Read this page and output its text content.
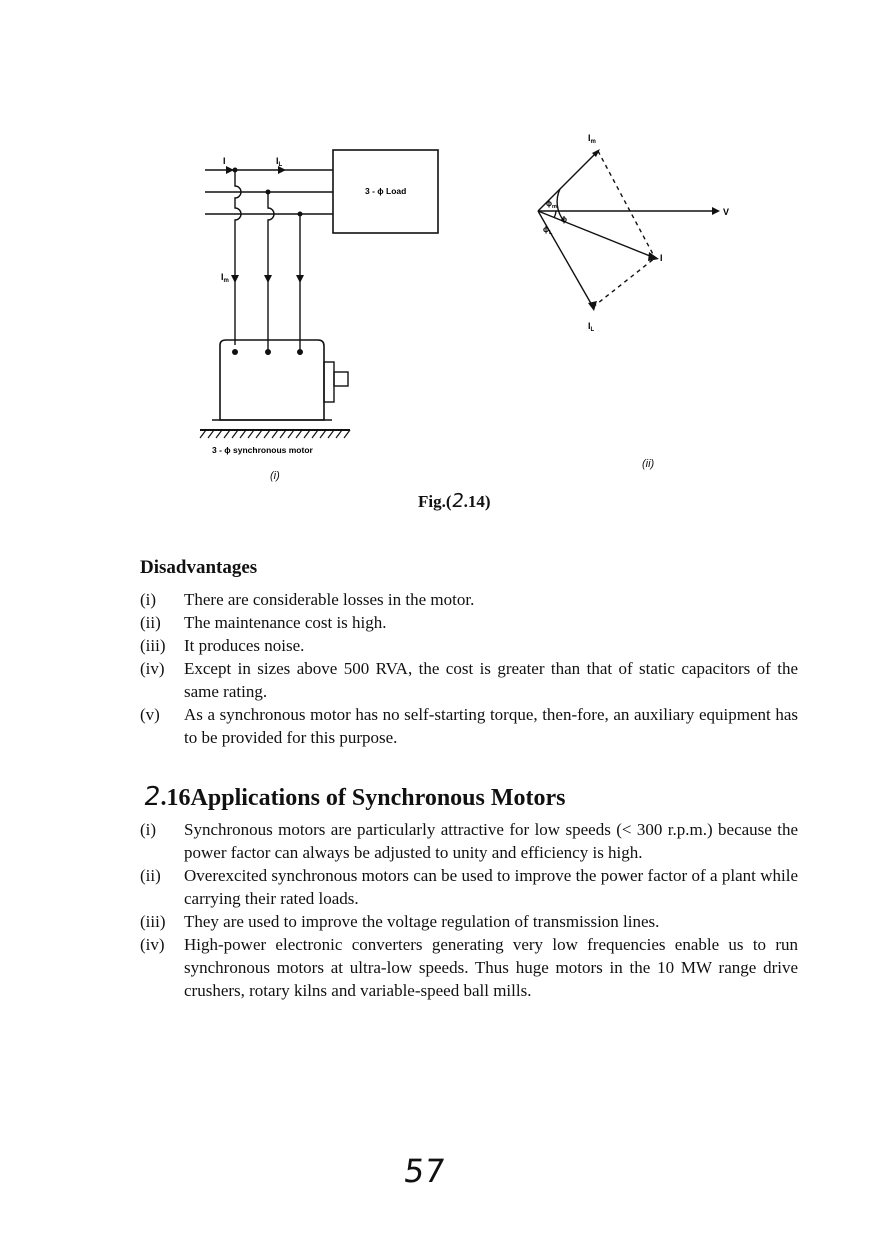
I	$I_L$
$I_m$
3 - ϕ Load
3 - ϕ synchronous motor
(i)
$I_m$
V
I
$I_L$
$\phi_m$
ϕ
$\phi_L$
(ii)
Fig.(2.14)
Disadvantages
(i) There are considerable losses in the motor.
(ii) The maintenance cost is high.
(iii) It produces noise.
(iv) Except in sizes above 500 RVA, the cost is greater than that of static capacitors of the same rating.
(v) As a synchronous motor has no self-starting torque, then-fore, an auxiliary equipment has to be provided for this purpose.
2.16Applications of Synchronous Motors
(i) Synchronous motors are particularly attractive for low speeds (< 300 r.p.m.) because the power factor can always be adjusted to unity and efficiency is high.
(ii) Overexcited synchronous motors can be used to improve the power factor of a plant while carrying their rated loads.
(iii) They are used to improve the voltage regulation of transmission lines.
(iv) High-power electronic converters generating very low frequencies enable us to run synchronous motors at ultra-low speeds. Thus huge motors in the 10 MW range drive crushers, rotary kilns and variable-speed ball mills.
57
